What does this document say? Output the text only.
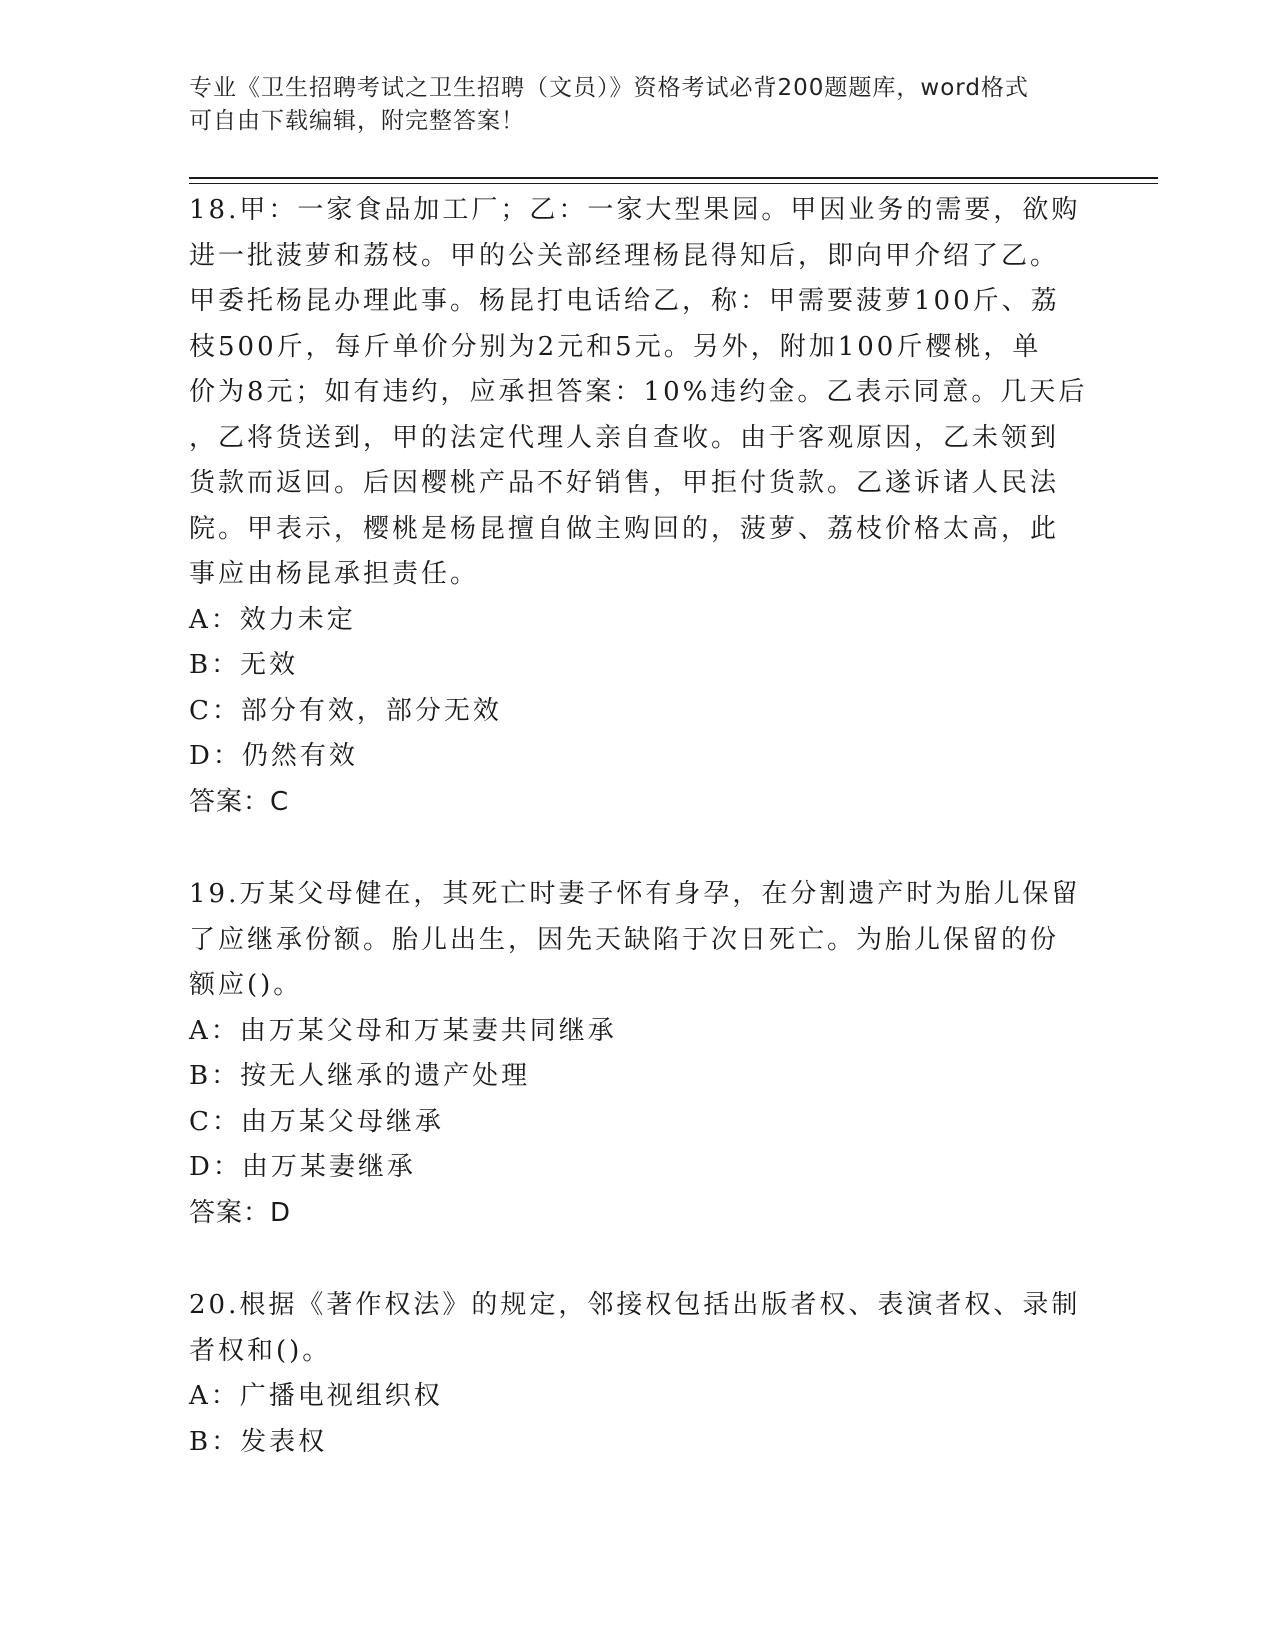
专业《卫生招聘考试之卫生招聘（文员）》资格考试必背200题题库，word格式
可自由下载编辑，附完整答案！
18.甲：一家食品加工厂；乙：一家大型果园。甲因业务的需要，欲购
进一批菠萝和荔枝。甲的公关部经理杨昆得知后，即向甲介绍了乙。
甲委托杨昆办理此事。杨昆打电话给乙，称：甲需要菠萝100斤、荔
枝500斤，每斤单价分别为2元和5元。另外，附加100斤樱桃，单
价为8元；如有违约，应承担答案：10%违约金。乙表示同意。几天后
，乙将货送到，甲的法定代理人亲自查收。由于客观原因，乙未领到
货款而返回。后因樱桃产品不好销售，甲拒付货款。乙遂诉诸人民法
院。甲表示，樱桃是杨昆擅自做主购回的，菠萝、荔枝价格太高，此
事应由杨昆承担责任。
A：效力未定
B：无效
C：部分有效，部分无效
D：仍然有效
答案：C
19.万某父母健在，其死亡时妻子怀有身孕，在分割遗产时为胎儿保留
了应继承份额。胎儿出生，因先天缺陷于次日死亡。为胎儿保留的份
额应()。
A：由万某父母和万某妻共同继承
B：按无人继承的遗产处理
C：由万某父母继承
D：由万某妻继承
答案：D
20.根据《著作权法》的规定，邻接权包括出版者权、表演者权、录制
者权和()。
A：广播电视组织权
B：发表权
